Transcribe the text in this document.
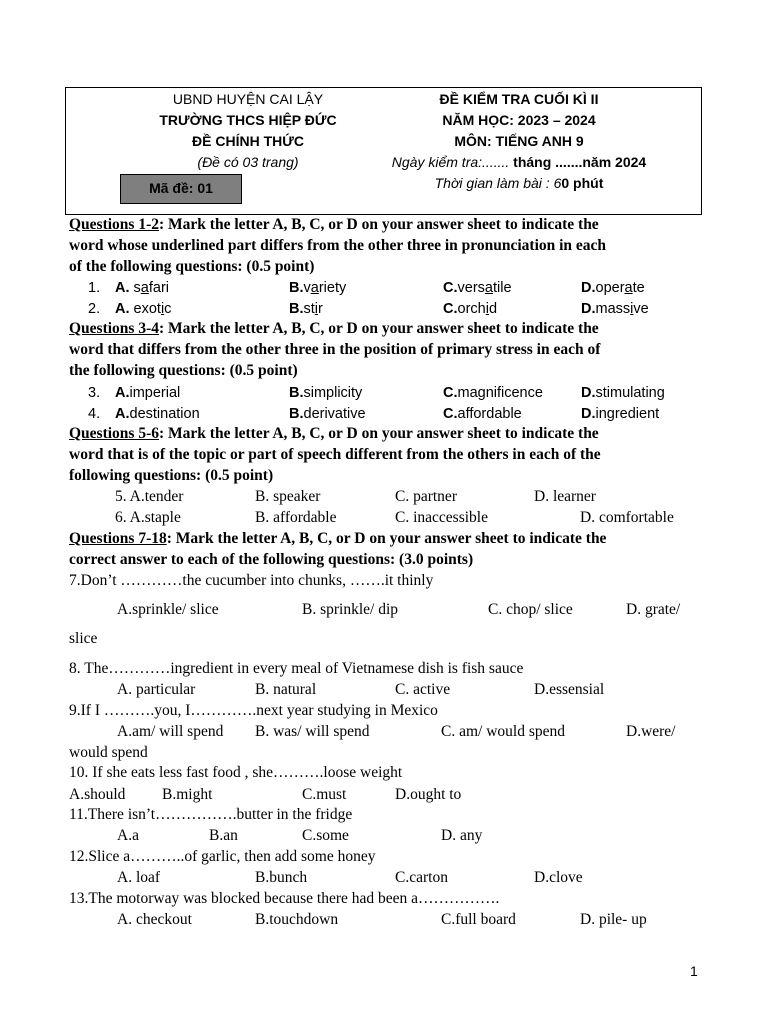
UBND HUYỆN CAI LẬY
TRƯỜNG THCS HIỆP ĐỨC
ĐỀ CHÍNH THỨC
(Đề có 03 trang)
Mã đề: 01
ĐỀ KIỂM TRA CUỐI KÌ II
NĂM HỌC: 2023 – 2024
MÔN: TIẾNG ANH 9
Ngày kiểm tra:....... tháng .......năm 2024
Thời gian làm bài : 60 phút
Questions 1-2: Mark the letter A, B, C, or D on your answer sheet to indicate the
word whose underlined part differs from the other three in pronunciation in each
of the following questions: (0.5 point)
1. A. safari	B.variety	C.versatile	D.operate
2. A. exotic	B.stir	C.orchid	D.massive
Questions 3-4: Mark the letter A, B, C, or D on your answer sheet to indicate the
word that differs from the other three in the position of primary stress in each of
the following questions: (0.5 point)
3. A.imperial	B.simplicity	C.magnificence	D.stimulating
4. A.destination	B.derivative	C.affordable	D.ingredient
Questions 5-6: Mark the letter A, B, C, or D on your answer sheet to indicate the
word that is of the topic or part of speech different from the others in each of the
following questions: (0.5 point)
5. A.tender	B. speaker	C. partner	D. learner
6. A.staple	B. affordable	C. inaccessible	D. comfortable
Questions 7-18: Mark the letter A, B, C, or D on your answer sheet to indicate the
correct answer to each of the following questions: (3.0 points)
7.Don’t …………the cucumber into chunks, …….it thinly
A.sprinkle/ slice	B. sprinkle/ dip	C. chop/ slice	D. grate/
slice
8. The…………ingredient in every meal of Vietnamese dish is fish sauce
A. particular	B. natural	C. active	D.essensial
9.If I ……….you, I………….next year studying in Mexico
A.am/ will spend B. was/ will spend	C. am/ would spend	D.were/
would spend
10. If she eats less fast food , she……….loose weight
A.should B.might	C.must	D.ought to
11.There isn’t…………….butter in the fridge
A.a	B.an	C.some	D. any
12.Slice a………..of garlic, then add some honey
A. loaf	B.bunch	C.carton	D.clove
13.The motorway was blocked because there had been a…………….
A. checkout	B.touchdown	C.full board	D. pile- up
1
